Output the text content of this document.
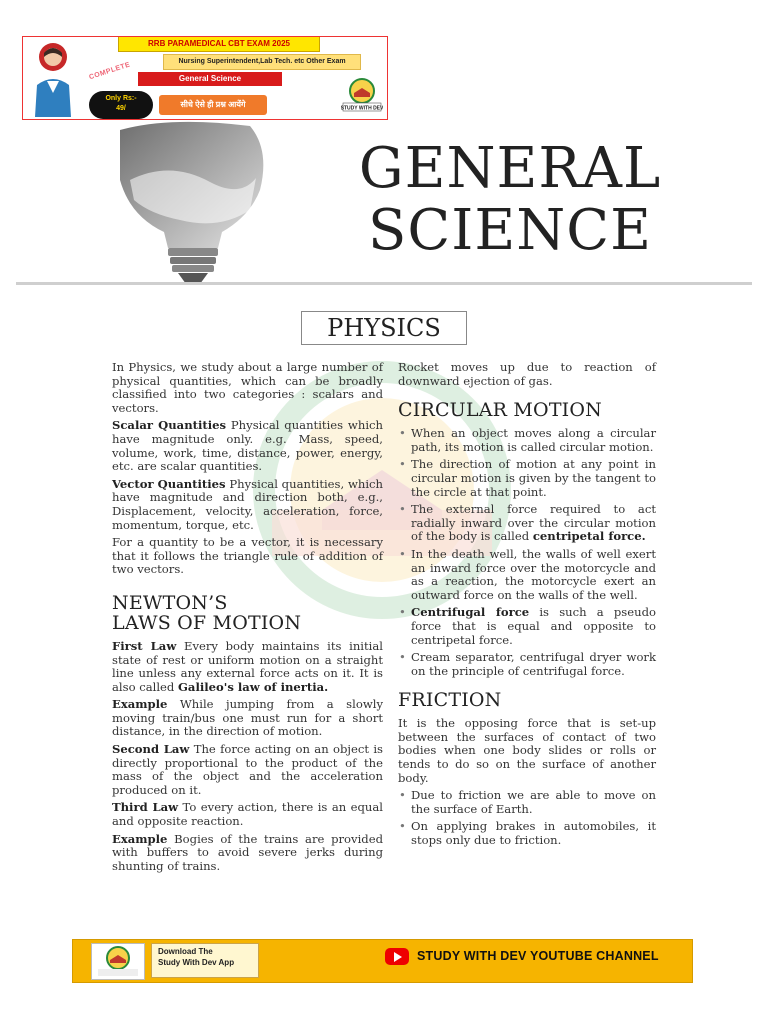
RRB PARAMEDICAL CBT EXAM 2025
COMPLETE	Nursing Superintendent,Lab Tech. etc Other Exam
General Science
Only Rs:-
49/	सीधे ऐसे ही प्रश्न आयेंगे	STUDY WITH DEV
GENERAL
SCIENCE
PHYSICS

In Physics, we study about a large number of physical quantities, which can be broadly classified into two categories : scalars and vectors.

Scalar Quantities Physical quantities which have magnitude only. e.g. Mass, speed, volume, work, time, distance, power, energy, etc. are scalar quantities.

Vector Quantities Physical quantities, which have magnitude and direction both, e.g., Displacement, velocity, acceleration, force, momentum, torque, etc.

For a quantity to be a vector, it is necessary that it follows the triangle rule of addition of two vectors.

NEWTON’S
LAWS OF MOTION

First Law Every body maintains its initial state of rest or uniform motion on a straight line unless any external force acts on it. It is also called Galileo's law of inertia.

Example While jumping from a slowly moving train/bus one must run for a short distance, in the direction of motion.

Second Law The force acting on an object is directly proportional to the product of the mass of the object and the acceleration produced on it.

Third Law To every action, there is an equal and opposite reaction.

Example Bogies of the trains are provided with buffers to avoid severe jerks during shunting of trains.

Rocket moves up due to reaction of downward ejection of gas.

CIRCULAR MOTION
• When an object moves along a circular path, its motion is called circular motion.
• The direction of motion at any point in circular motion is given by the tangent to the circle at that point.
• The external force required to act radially inward over the circular motion of the body is called centripetal force.
• In the death well, the walls of well exert an inward force over the motorcycle and as a reaction, the motorcycle exert an outward force on the walls of the well.
• Centrifugal force is such a pseudo force that is equal and opposite to centripetal force.
• Cream separator, centrifugal dryer work on the principle of centrifugal force.
FRICTION

It is the opposing force that is set-up between the surfaces of contact of two bodies when one body slides or rolls or tends to do so on the surface of another body.

• Due to friction we are able to move on the surface of Earth.
• On applying brakes in automobiles, it stops only due to friction.
Download The
Study With Dev App	STUDY WITH DEV YOUTUBE CHANNEL
